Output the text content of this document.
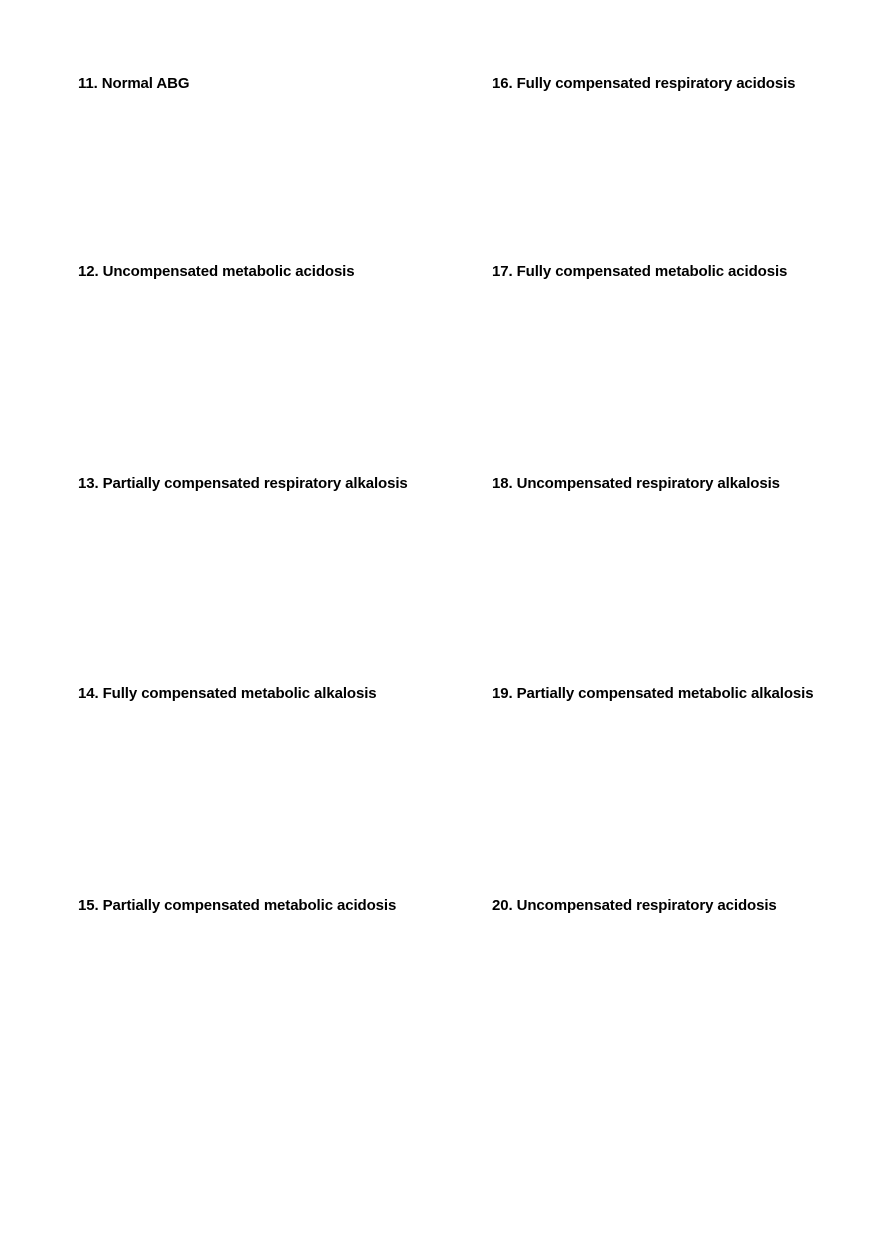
11. Normal ABG
12. Uncompensated metabolic acidosis
13. Partially compensated respiratory alkalosis
14. Fully compensated metabolic alkalosis
15. Partially compensated metabolic acidosis
16. Fully compensated respiratory acidosis
17. Fully compensated metabolic acidosis
18. Uncompensated respiratory alkalosis
19. Partially compensated metabolic alkalosis
20. Uncompensated respiratory acidosis
